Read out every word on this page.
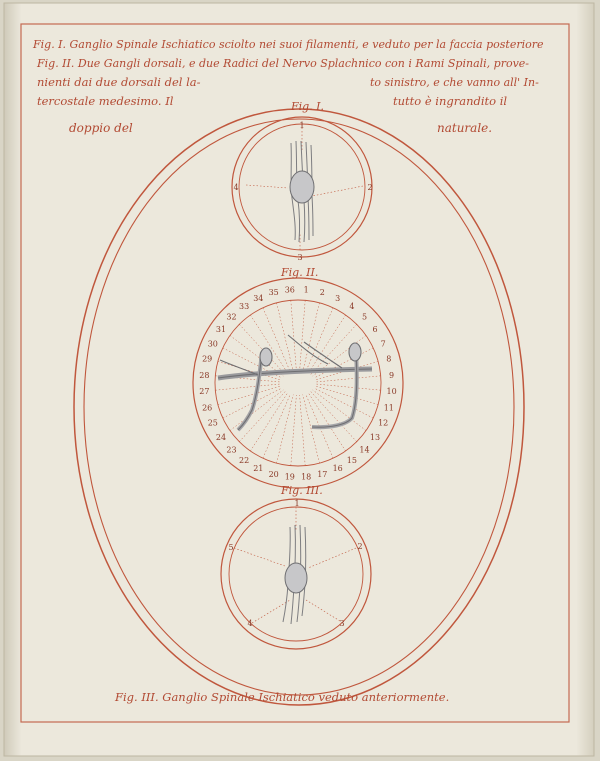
Fig. I.
Fig. II.
Fig. III.
1
2
3
4
1 2
3
4
5
6
7
8
9
10
11
12
13
14
15
16
17
18
19
20
21
22
23
24
25
26
27
28
29
30
31
32
33
34
35 36
1
2
3
4
5

Fig. I. Ganglio Spinale Ischiatico sciolto nei suoi filamenti, e veduto per la faccia posteriore

Fig. II. Due Gangli dorsali, e due Radici del Nervo Splachnico con i Rami Spinali, prove-

nienti dai due dorsali del la-	to sinistro, e che vanno all' In-

tercostale medesimo. Il	tutto è ingrandito il

doppio del	naturale.

Fig. III. Ganglio Spinale Ischiatico veduto anteriormente.
